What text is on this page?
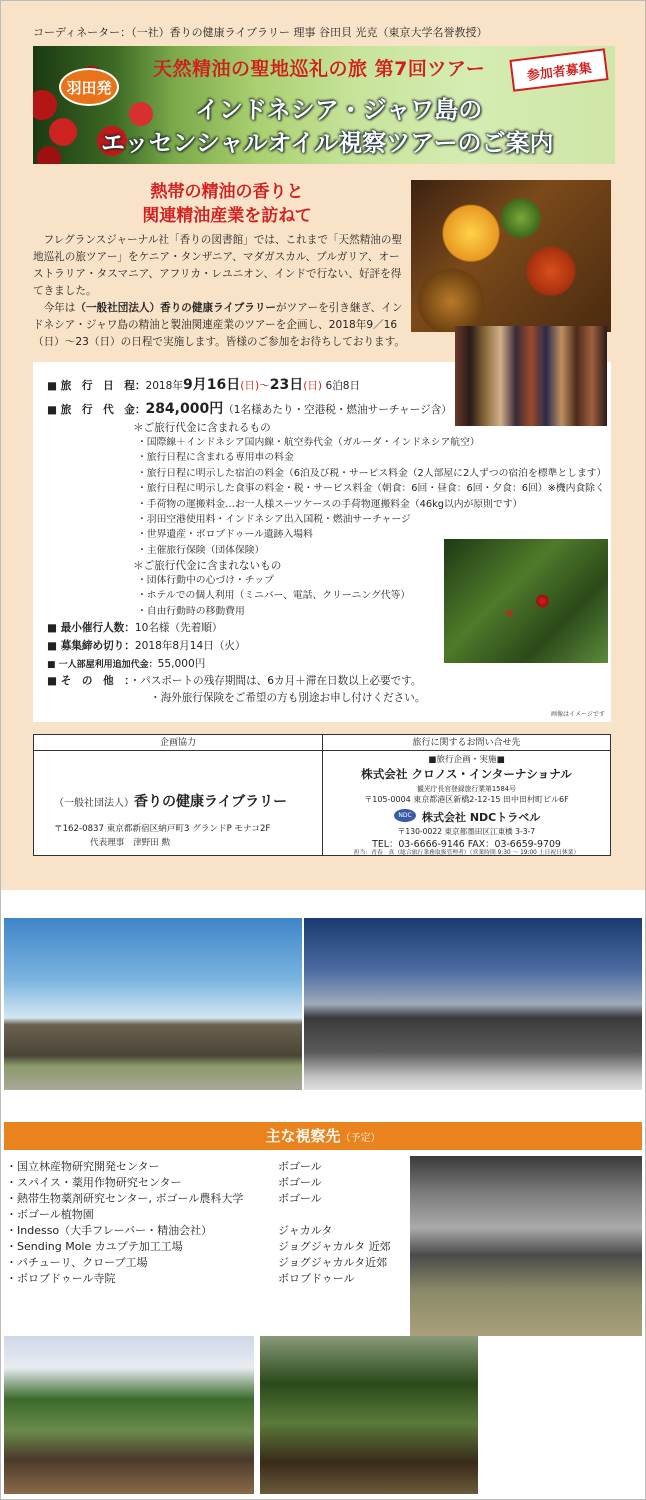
コーディネーター：（一社）香りの健康ライブラリー 理事 谷田貝 光克（東京大学名誉教授）
羽田発
天然精油の聖地巡礼の旅 第7回ツアー	参加者募集
インドネシア・ジャワ島の
エッセンシャルオイル視察ツアーのご案内
熱帯の精油の香りと
関連精油産業を訪ねて

フレグランスジャーナル社「香りの図書館」では、これまで「天然精油の聖地巡礼の旅ツアー」をケニア・タンザニア、マダガスカル、ブルガリア、オーストラリア・タスマニア、アフリカ・レユニオン、インドで行ない、好評を得てきました。

今年は（一般社団法人）香りの健康ライブラリーがツアーを引き継ぎ、インドネシア・ジャワ島の精油と製油関連産業のツアーを企画し、2018年9／16（日）～23（日）の日程で実施します。皆様のご参加をお待ちしております。

■ 旅　行　日　程：2018年9月16日(日)～23日(日) 6泊8日
■ 旅　行　代　金：284,000円（1名様あたり・空港税・燃油サーチャージ含）
＊ご旅行代金に含まれるもの
・国際線＋インドネシア国内線・航空券代金（ガルーダ・インドネシア航空）
・旅行日程に含まれる専用車の料金
・旅行日程に明示した宿泊の料金（6泊及び税・サービス料金（2人部屋に2人ずつの宿泊を標準とします）
・旅行日程に明示した食事の料金・税・サービス料金（朝食：6回・昼食：6回・夕食：6回）※機内食除く
・手荷物の運搬料金…お一人様スーツケースの手荷物運搬料金（46kg以内が原則です）
・羽田空港使用料・インドネシア出入国税・燃油サーチャージ
・世界遺産・ボロブドゥール遺跡入場料
・主催旅行保険（団体保険）
＊ご旅行代金に含まれないもの
・団体行動中の心づけ・チップ
・ホテルでの個人利用（ミニバー、電話、クリーニング代等）
・自由行動時の移動費用
■ 最小催行人数：10名様（先着順）
■ 募集締め切り：2018年8月14日（火）
■ 一人部屋利用追加代金：55,000円
■ そ　の　他　：・パスポートの残存期間は、6カ月＋滞在日数以上必要です。
・海外旅行保険をご希望の方も別途お申し付けください。
画像はイメージです
企画協力	旅行に関するお問い合せ先
（一般社団法人）香りの健康ライブラリー
〒162-0837 東京都新宿区納戸町3 グランドP モナコ2F
代表理事　津野田 勲
■旅行企画・実施■
株式会社 クロノス・インターナショナル
観光庁長官登録旅行業第1584号
〒105-0004 東京都港区新橋2-12-15 田中田村町ビル6F
NDC 株式会社 NDCトラベル
〒130-0022 東京都墨田区江東橋 3-3-7
TEL：03-6666-9146 FAX：03-6659-9709
担当：青春　真（総合旅行業務取扱管理者）（営業時間 9:30 ～ 19:00 土日祝日休業）
主な視察先（予定）
・国立林産物研究開発センター	ボゴール
・スパイス・薬用作物研究センター	ボゴール
・熱帯生物薬剤研究センター, ボゴール農科大学	ボゴール
・ボゴール植物園
・Indesso（大手フレーバー・精油会社）	ジャカルタ
・Sending Mole カユプテ加工工場	ジョグジャカルタ 近郊
・パチューリ、クローブ工場	ジョグジャカルタ近郊
・ボロブドゥール寺院	ボロブドゥール
